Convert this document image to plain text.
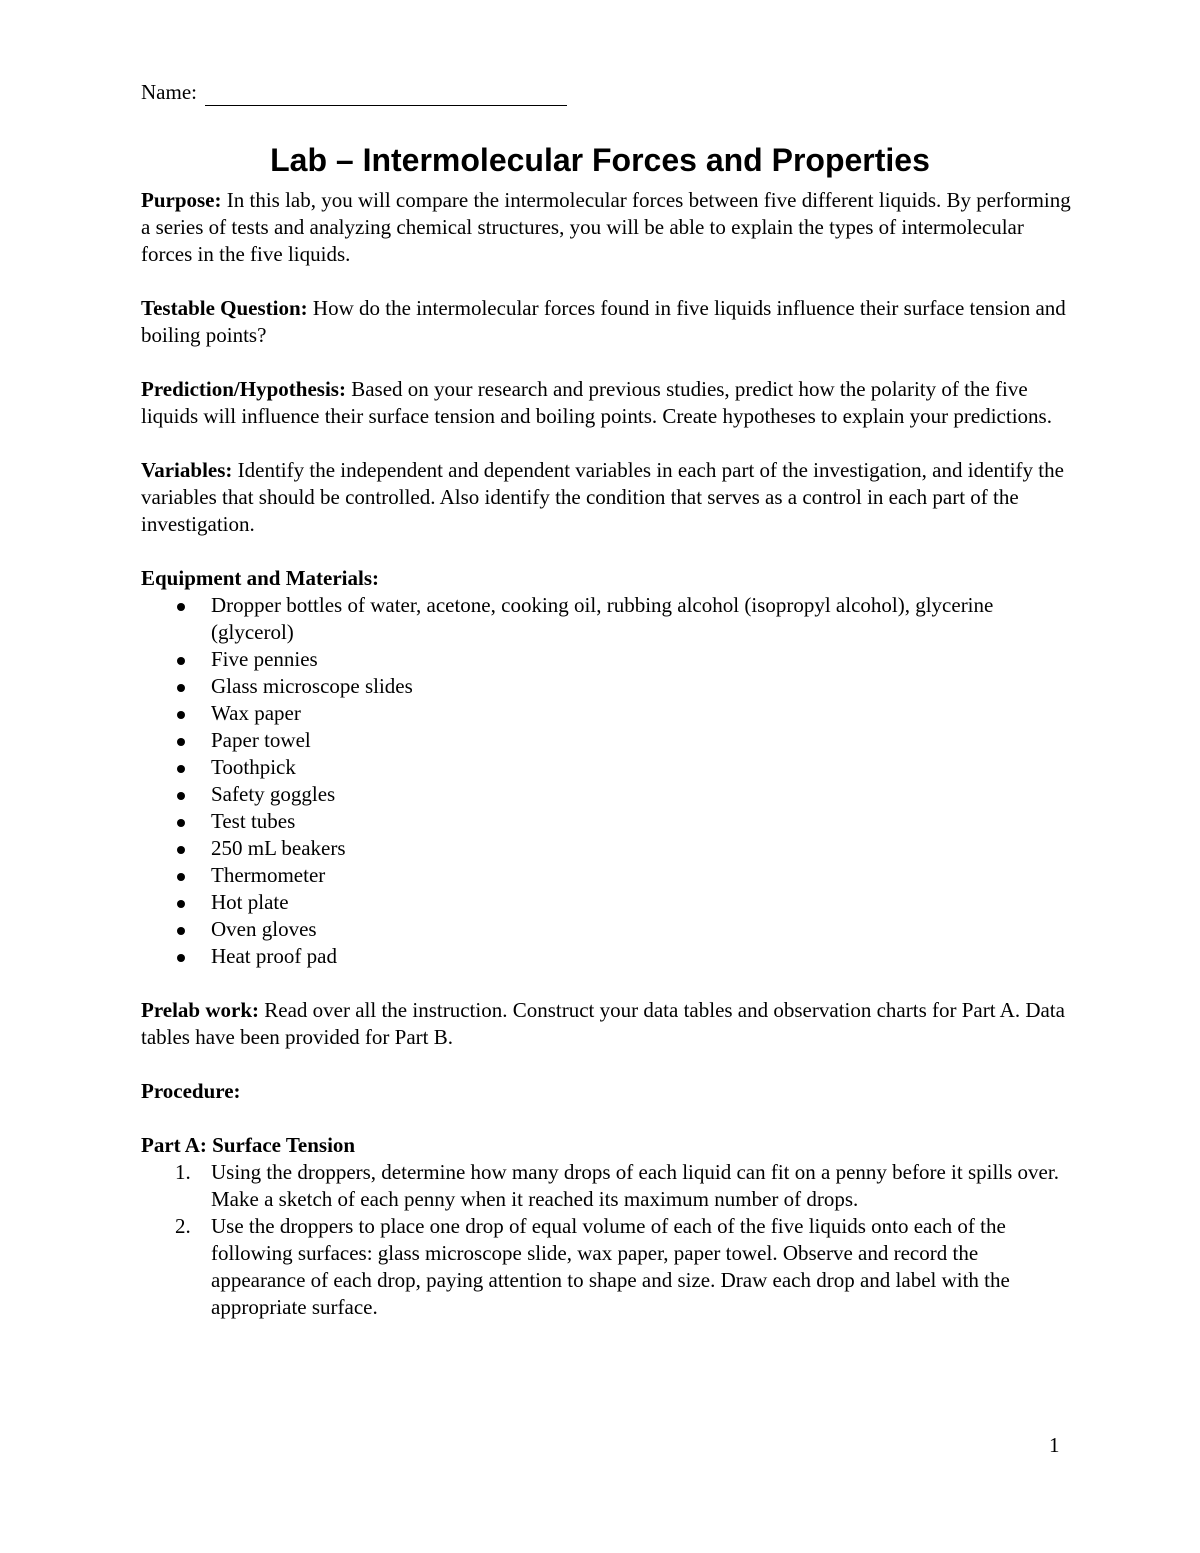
Name:
Lab – Intermolecular Forces and Properties

Purpose: In this lab, you will compare the intermolecular forces between five different liquids. By performing a series of tests and analyzing chemical structures, you will be able to explain the types of intermolecular forces in the five liquids.

Testable Question: How do the intermolecular forces found in five liquids influence their surface tension and boiling points?

Prediction/Hypothesis: Based on your research and previous studies, predict how the polarity of the five liquids will influence their surface tension and boiling points. Create hypotheses to explain your predictions.

Variables: Identify the independent and dependent variables in each part of the investigation, and identify the variables that should be controlled. Also identify the condition that serves as a control in each part of the investigation.

Equipment and Materials:

Dropper bottles of water, acetone, cooking oil, rubbing alcohol (isopropyl alcohol), glycerine (glycerol)
Five pennies
Glass microscope slides
Wax paper
Paper towel
Toothpick
Safety goggles
Test tubes
250 mL beakers
Thermometer
Hot plate
Oven gloves
Heat proof pad

Prelab work: Read over all the instruction. Construct your data tables and observation charts for Part A. Data tables have been provided for Part B.

Procedure:

Part A: Surface Tension

1. Using the droppers, determine how many drops of each liquid can fit on a penny before it spills over. Make a sketch of each penny when it reached its maximum number of drops.
2. Use the droppers to place one drop of equal volume of each of the five liquids onto each of the following surfaces: glass microscope slide, wax paper, paper towel. Observe and record the appearance of each drop, paying attention to shape and size. Draw each drop and label with the appropriate surface.
1
